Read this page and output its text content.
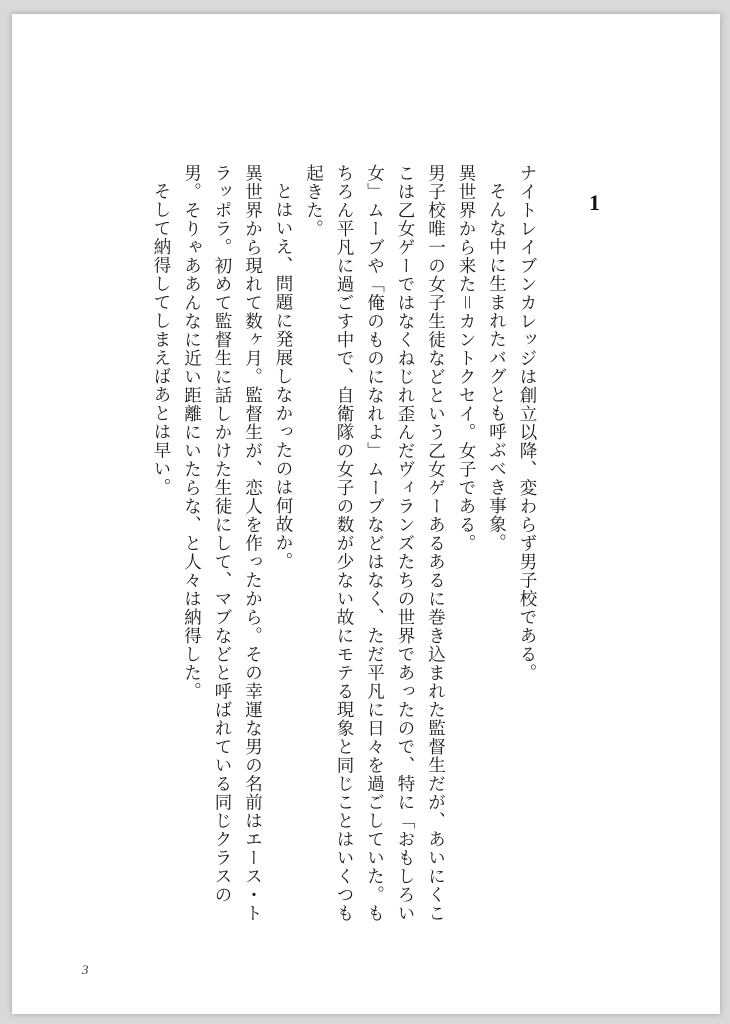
1

ナイトレイブンカレッジは創立以降、変わらず男子校である。

そんな中に生まれたバグとも呼ぶべき事象。

異世界から来た＝カントクセイ。女子である。

男子校唯一の女子生徒などという乙女ゲーあるあるに巻き込まれた監督生だが、あいにくここは乙女ゲーではなくねじれ歪んだヴィランズたちの世界であったので、特に「おもしろい女」ムーブや「俺のものになれよ」ムーブなどはなく、ただ平凡に日々を過ごしていた。もちろん平凡に過ごす中で、自衛隊の女子の数が少ない故にモテる現象と同じことはいくつも起きた。

とはいえ、問題に発展しなかったのは何故か。

異世界から現れて数ヶ月。監督生が、恋人を作ったから。その幸運な男の名前はエース・トラッポラ。初めて監督生に話しかけた生徒にして、マブなどと呼ばれている同じクラスの男。そりゃああんなに近い距離にいたらな、と人々は納得した。

そして納得してしまえばあとは早い。

3
